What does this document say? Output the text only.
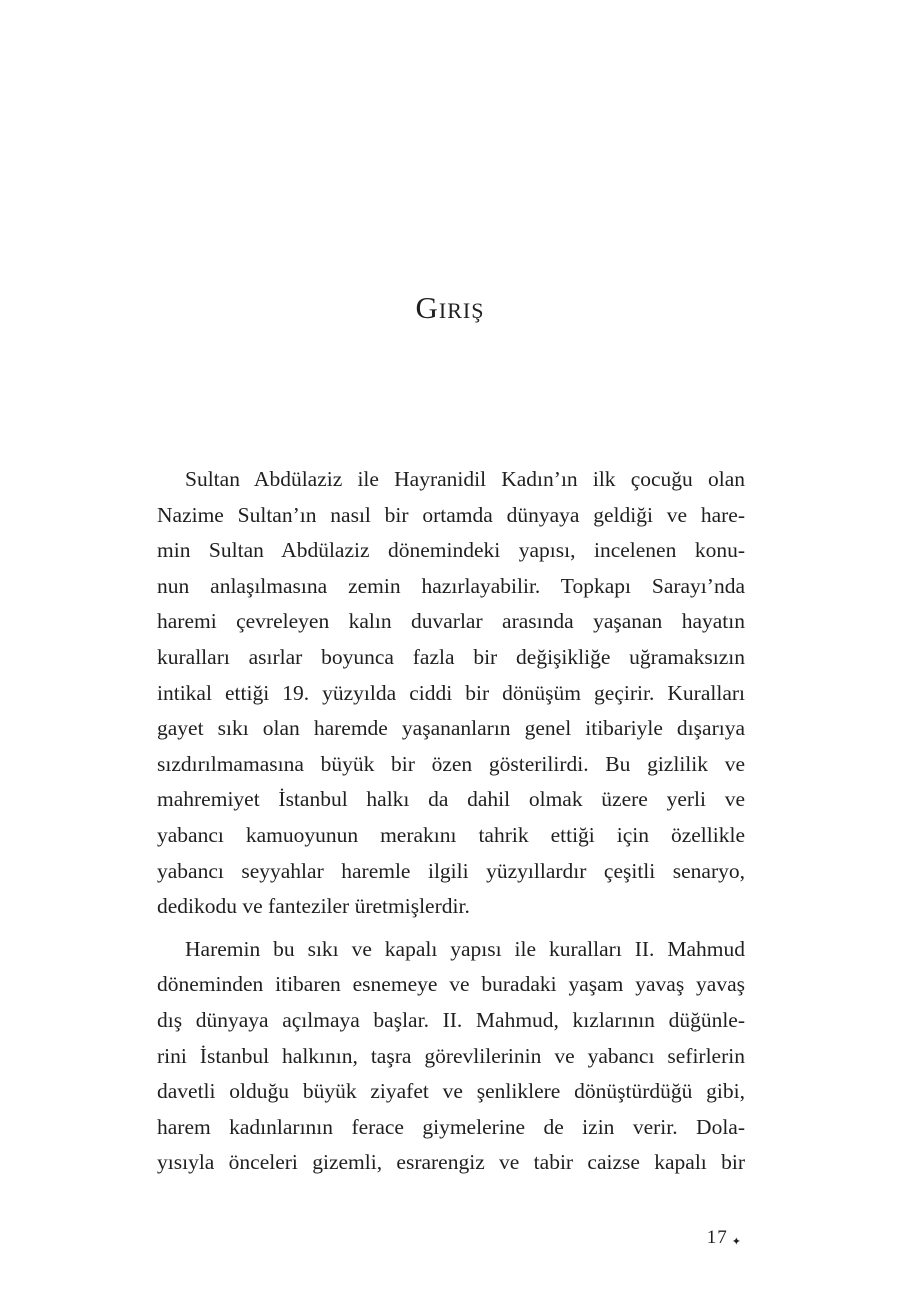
Giriş

Sultan Abdülaziz ile Hayranidil Kadın’ın ilk çocuğu olan
Nazime Sultan’ın nasıl bir ortamda dünyaya geldiği ve hare-
min Sultan Abdülaziz dönemindeki yapısı, incelenen konu-
nun anlaşılmasına zemin hazırlayabilir. Topkapı Sarayı’nda
haremi çevreleyen kalın duvarlar arasında yaşanan hayatın
kuralları asırlar boyunca fazla bir değişikliğe uğramaksızın
intikal ettiği 19. yüzyılda ciddi bir dönüşüm geçirir. Kuralları
gayet sıkı olan haremde yaşananların genel itibariyle dışarıya
sızdırılmamasına büyük bir özen gösterilirdi. Bu gizlilik ve
mahremiyet İstanbul halkı da dahil olmak üzere yerli ve
yabancı kamuoyunun merakını tahrik ettiği için özellikle
yabancı seyyahlar haremle ilgili yüzyıllardır çeşitli senaryo,
dedikodu ve fanteziler üretmişlerdir.

Haremin bu sıkı ve kapalı yapısı ile kuralları II. Mahmud
döneminden itibaren esnemeye ve buradaki yaşam yavaş yavaş
dış dünyaya açılmaya başlar. II. Mahmud, kızlarının düğünle-
rini İstanbul halkının, taşra görevlilerinin ve yabancı sefirlerin
davetli olduğu büyük ziyafet ve şenliklere dönüştürdüğü gibi,
harem kadınlarının ferace giymelerine de izin verir. Dola-
yısıyla önceleri gizemli, esrarengiz ve tabir caizse kapalı bir

17 ✦
